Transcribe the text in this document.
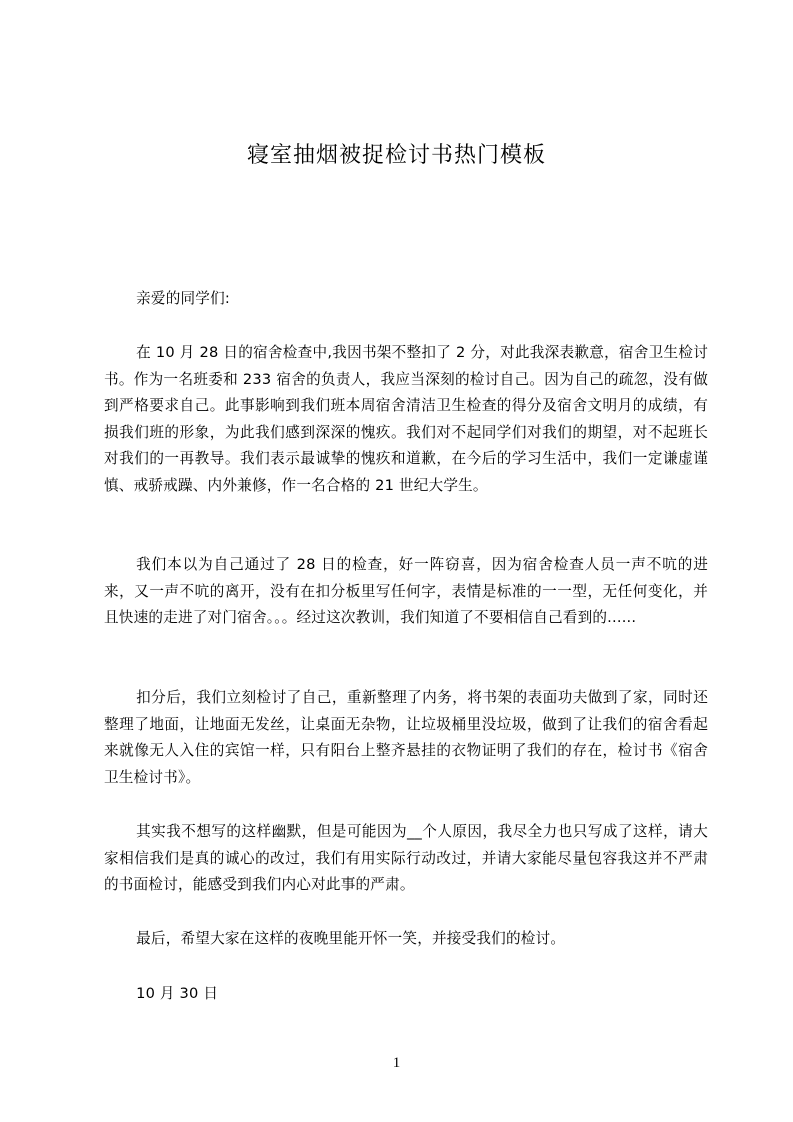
寝室抽烟被捉检讨书热门模板

亲爱的同学们:

在 10 月 28 日的宿舍检查中,我因书架不整扣了 2 分，对此我深表歉意，宿舍卫生检讨书。作为一名班委和 233 宿舍的负责人，我应当深刻的检讨自己。因为自己的疏忽，没有做到严格要求自己。此事影响到我们班本周宿舍清洁卫生检查的得分及宿舍文明月的成绩，有损我们班的形象，为此我们感到深深的愧疚。我们对不起同学们对我们的期望，对不起班长对我们的一再教导。我们表示最诚挚的愧疚和道歉，在今后的学习生活中，我们一定谦虚谨慎、戒骄戒躁、内外兼修，作一名合格的 21 世纪大学生。

我们本以为自己通过了 28 日的检查，好一阵窃喜，因为宿舍检查人员一声不吭的进来，又一声不吭的离开，没有在扣分板里写任何字，表情是标准的一一型，无任何变化，并且快速的走进了对门宿舍。。。经过这次教训，我们知道了不要相信自己看到的......

扣分后，我们立刻检讨了自己，重新整理了内务，将书架的表面功夫做到了家，同时还整理了地面，让地面无发丝，让桌面无杂物，让垃圾桶里没垃圾，做到了让我们的宿舍看起来就像无人入住的宾馆一样，只有阳台上整齐悬挂的衣物证明了我们的存在，检讨书《宿舍卫生检讨书》。

其实我不想写的这样幽默，但是可能因为__个人原因，我尽全力也只写成了这样，请大家相信我们是真的诚心的改过，我们有用实际行动改过，并请大家能尽量包容我这并不严肃的书面检讨，能感受到我们内心对此事的严肃。

最后，希望大家在这样的夜晚里能开怀一笑，并接受我们的检讨。

10 月 30 日

1
